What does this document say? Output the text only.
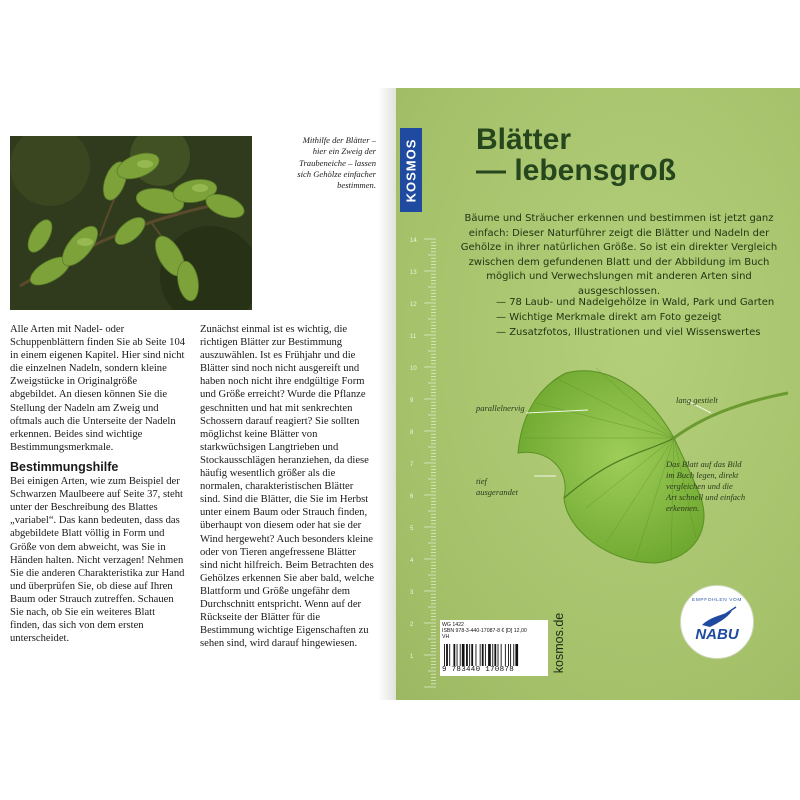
Mithilfe der Blätter –

hier ein Zweig der

Traubeneiche – lassen

sich Gehölze einfacher

bestimmen.

Alle Arten mit Nadel- oder Schuppenblättern finden Sie ab Seite 104 in einem eigenen Kapitel. Hier sind nicht die einzelnen Nadeln, sondern kleine Zweigstücke in Originalgröße abgebildet. An diesen können Sie die Stellung der Nadeln am Zweig und oftmals auch die Unterseite der Nadeln erkennen. Beides sind wichtige Bestimmungsmerkmale.

Bestimmungshilfe

Bei einigen Arten, wie zum Beispiel der Schwarzen Maulbeere auf Seite 37, steht unter der Beschreibung des Blattes „variabel“. Das kann bedeuten, dass das abgebildete Blatt völlig in Form und Größe von dem abweicht, was Sie in Händen halten. Nicht verzagen! Nehmen Sie die anderen Charakteristika zur Hand und überprüfen Sie, ob diese auf Ihren Baum oder Strauch zutreffen. Schauen Sie nach, ob Sie ein weiteres Blatt finden, das sich von dem ersten unterscheidet.

Zunächst einmal ist es wichtig, die richtigen Blätter zur Bestimmung auszuwählen. Ist es Frühjahr und die Blätter sind noch nicht ausgereift und haben noch nicht ihre endgültige Form und Größe erreicht? Wurde die Pflanze geschnitten und hat mit senkrechten Schossern darauf reagiert? Sie sollten möglichst keine Blätter von starkwüchsigen Langtrieben und Stockausschlägen heranziehen, da diese häufig wesentlich größer als die normalen, charakteristischen Blätter sind. Sind die Blätter, die Sie im Herbst unter einem Baum oder Strauch finden, überhaupt von diesem oder hat sie der Wind hergeweht? Auch besonders kleine oder von Tieren angefressene Blätter sind nicht hilfreich. Beim Betrachten des Gehölzes erkennen Sie aber bald, welche Blattform und Größe ungefähr dem Durchschnitt entspricht. Wenn auf der Rückseite der Blätter für die Bestimmung wichtige Eigenschaften zu sehen sind, wird darauf hingewiesen.

KOSMOS Blätter
— lebensgroß

Bäume und Sträucher erkennen und bestimmen ist jetzt ganz einfach: Dieser Naturführer zeigt die Blätter und Nadeln der Gehölze in ihrer natürlichen Größe. So ist ein direkter Vergleich zwischen dem gefundenen Blatt und der Abbildung im Buch möglich und Verwechslungen mit anderen Arten sind ausgeschlossen.

— 78 Laub- und Nadelgehölze in Wald, Park und Garten
— Wichtige Merkmale direkt am Foto gezeigt
— Zusatzfotos, Illustrationen und viel Wissenswertes
14
13
12
11
10
9
8
7
6
5
4
3
2
1
parallelnervig
lang gestielt
tief
ausgerandet
Das Blatt auf das Bild
im Buch legen, direkt
vergleichen und die
Art schnell und einfach
erkennen.
EMPFOHLEN VOM
NABU
WG 1422
ISBN 978-3-440-17087-8 € [D] 12,00
VH
9 783440 170878	kosmos.de
